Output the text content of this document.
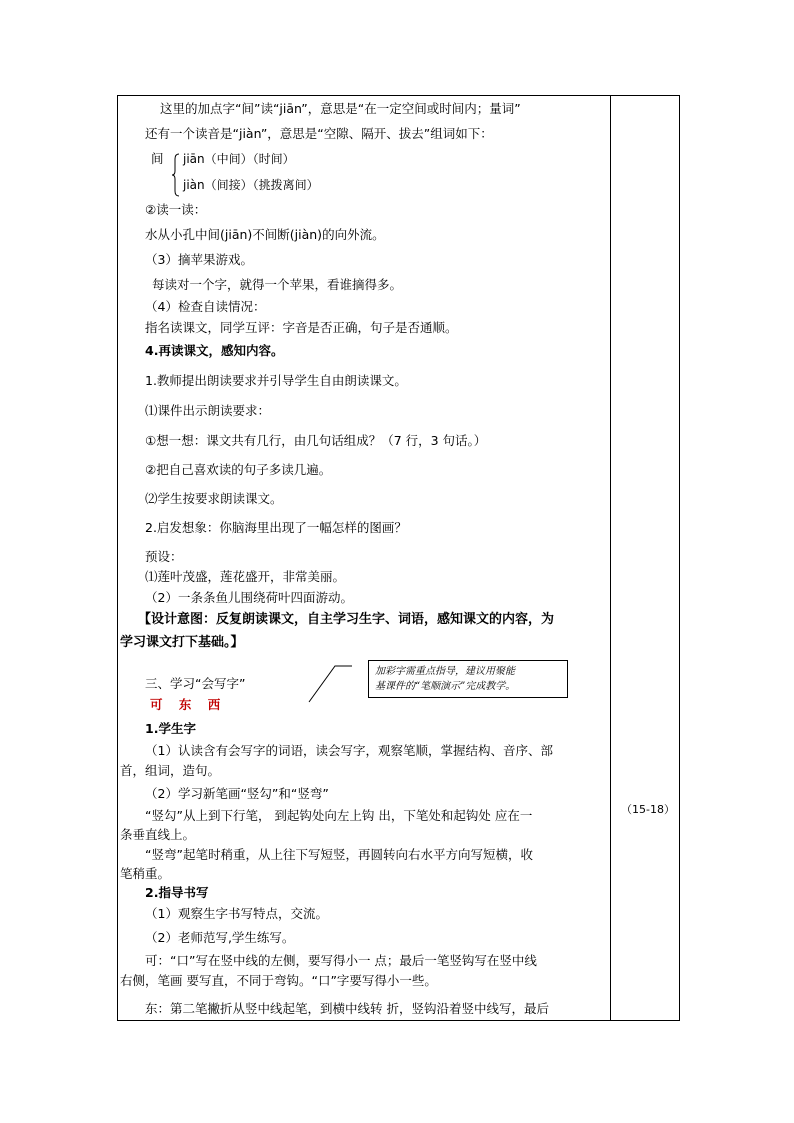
这里的加点字“间”读“jiān”，意思是“在一定空间或时间内；量词”
还有一个读音是“jiàn”，意思是“空隙、隔开、拔去”组词如下：
间 jiān（中间）（时间）
jiàn（间接）（挑拨离间）
②读一读：
水从小孔中间(jiān)不间断(jiàn)的向外流。
（3）摘苹果游戏。
每读对一个字，就得一个苹果，看谁摘得多。
（4）检查自读情况：
指名读课文，同学互评：字音是否正确，句子是否通顺。
4.再读课文，感知内容。
1.教师提出朗读要求并引导学生自由朗读课文。
⑴课件出示朗读要求：
①想一想：课文共有几行，由几句话组成？（7 行，3 句话。）
②把自己喜欢读的句子多读几遍。
⑵学生按要求朗读课文。
2.启发想象：你脑海里出现了一幅怎样的图画？
预设：
⑴莲叶茂盛，莲花盛开，非常美丽。
（2）一条条鱼儿围绕荷叶四面游动。
【设计意图：反复朗读课文，自主学习生字、词语，感知课文的内容，为
学习课文打下基础。】
加彩字需重点指导，建议用聚能
基课件的“笔顺演示”完成教学。
三、学习“会写字”
可 东 西
1.学生字
（1）认读含有会写字的词语，读会写字，观察笔顺，掌握结构、音序、部
首，组词，造句。
（2）学习新笔画“竖勾”和“竖弯”
“竖勾”从上到下行笔， 到起钩处向左上钩 出，下笔处和起钩处 应在一
条垂直线上。
“竖弯”起笔时稍重，从上往下写短竖，再圆转向右水平方向写短横，收
笔稍重。
2.指导书写
（1）观察生字书写特点，交流。
（2）老师范写,学生练写。
可：“口”写在竖中线的左侧，要写得小一 点；最后一笔竖钩写在竖中线
右侧，笔画 要写直，不同于弯钩。“口”字要写得小一些。
东：第二笔撇折从竖中线起笔，到横中线转 折，竖钩沿着竖中线写，最后
（15-18）
